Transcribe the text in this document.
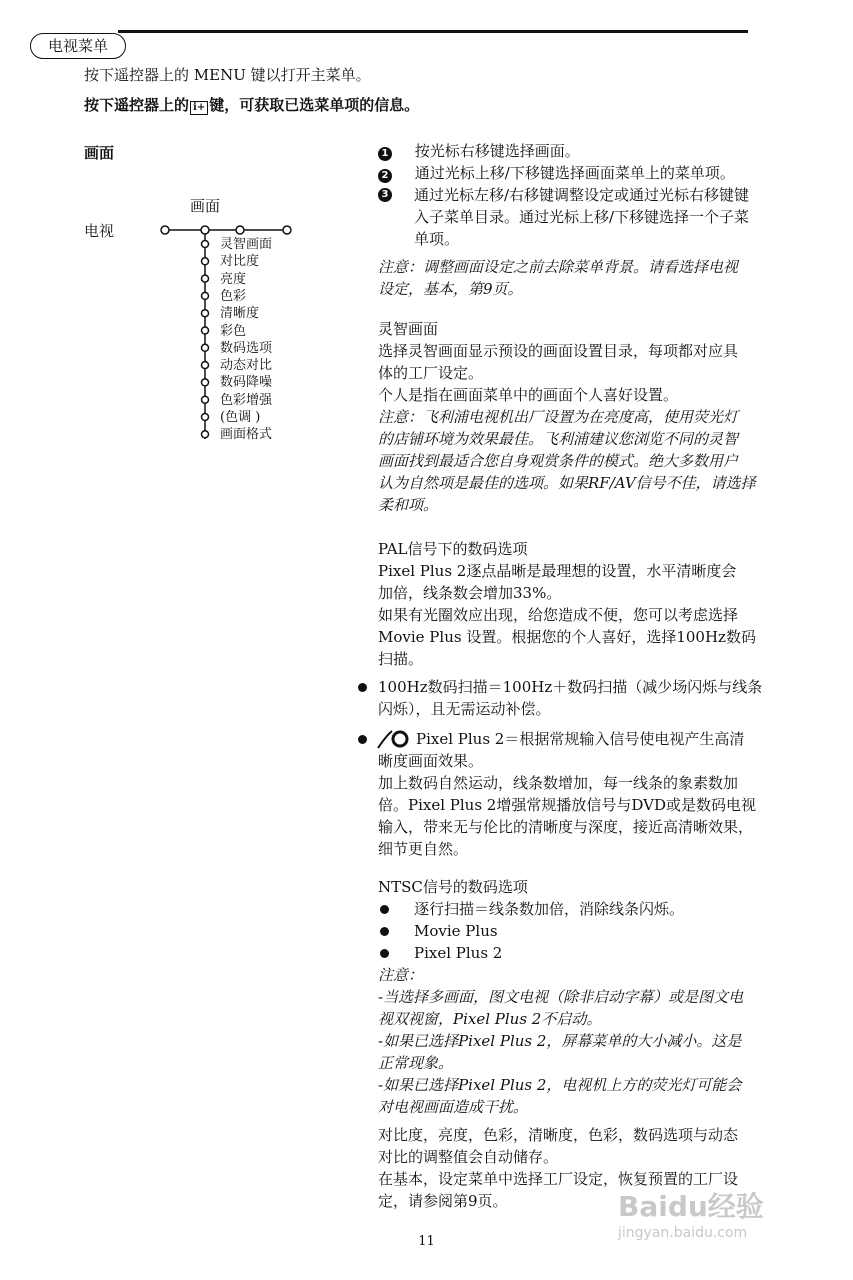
电视菜单
按下遥控器上的 MENU 键以打开主菜单。
按下遥控器上的 i+ 键，可获取已选菜单项的信息。
画面
画面
电视
灵智画面
对比度
亮度
色彩
清晰度
彩色
数码选项
动态对比
数码降噪
色彩增强
(色调 )
画面格式
1 按光标右移键选择画面。
2 通过光标上移/下移键选择画面菜单上的菜单项。
3 通过光标左移/右移键调整设定或通过光标右移键键
入子菜单目录。通过光标上移/下移键选择一个子菜
单项。
注意：调整画面设定之前去除菜单背景。请看选择电视
设定，基本，第9页。
灵智画面
选择灵智画面显示预设的画面设置目录，每项都对应具
体的工厂设定。
个人是指在画面菜单中的画面个人喜好设置。
注意：飞利浦电视机出厂设置为在亮度高，使用荧光灯
的店铺环境为效果最佳。飞利浦建议您浏览不同的灵智
画面找到最适合您自身观赏条件的模式。绝大多数用户
认为自然项是最佳的选项。如果RF/AV信号不佳，请选择
柔和项。
PAL信号下的数码选项
Pixel Plus 2逐点晶晰是最理想的设置，水平清晰度会
加倍，线条数会增加33%。
如果有光圈效应出现，给您造成不便，您可以考虑选择
Movie Plus 设置。根据您的个人喜好，选择100Hz数码
扫描。
100Hz数码扫描＝100Hz＋数码扫描（减少场闪烁与线条
闪烁），且无需运动补偿。
Pixel Plus 2＝根据常规输入信号使电视产生高清
晰度画面效果。
加上数码自然运动，线条数增加，每一线条的象素数加
倍。Pixel Plus 2增强常规播放信号与DVD或是数码电视
输入，带来无与伦比的清晰度与深度，接近高清晰效果，
细节更自然。
NTSC信号的数码选项
逐行扫描＝线条数加倍，消除线条闪烁。
Movie Plus
Pixel Plus 2
注意：
-当选择多画面，图文电视（除非启动字幕）或是图文电
视双视窗，Pixel Plus 2不启动。
-如果已选择Pixel Plus 2，屏幕菜单的大小减小。这是
正常现象。
-如果已选择Pixel Plus 2，电视机上方的荧光灯可能会
对电视画面造成干扰。
对比度，亮度，色彩，清晰度，色彩，数码选项与动态
对比的调整值会自动储存。
在基本，设定菜单中选择工厂设定，恢复预置的工厂设
定，请参阅第9页。
11
Baidu经验
jingyan.baidu.com
